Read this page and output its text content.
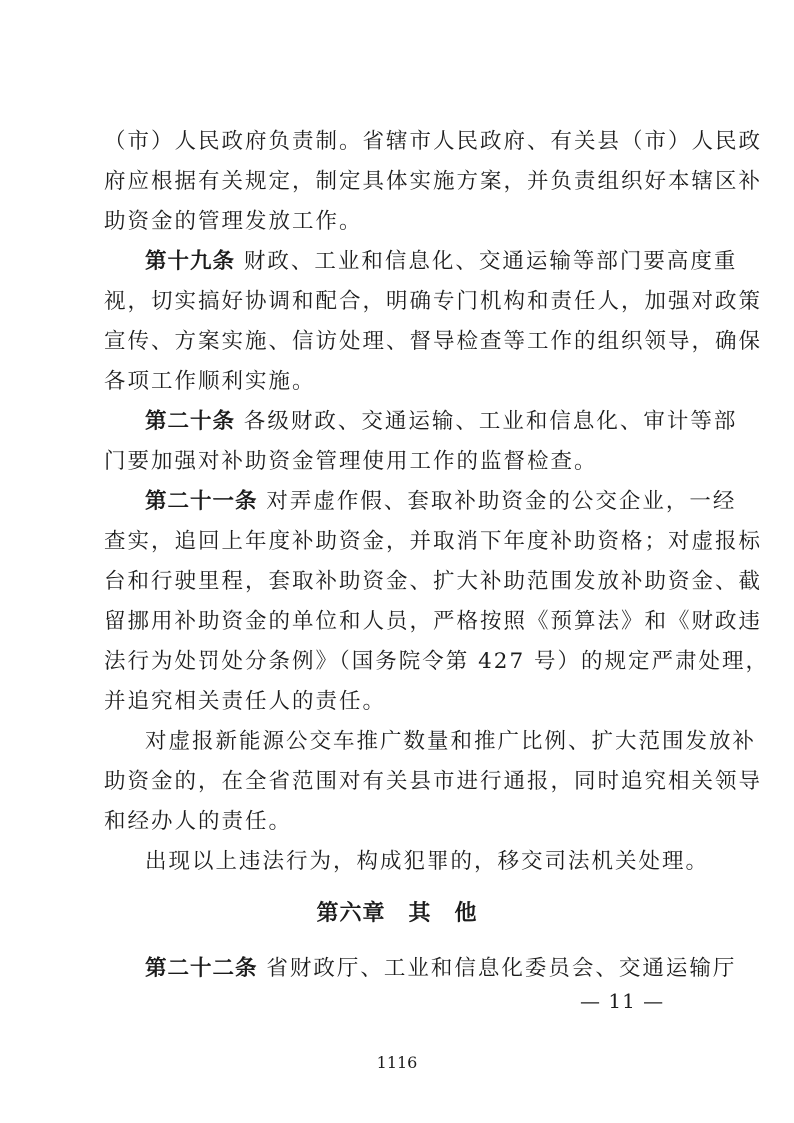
（市）人民政府负责制。省辖市人民政府、有关县（市）人民政
府应根据有关规定，制定具体实施方案，并负责组织好本辖区补
助资金的管理发放工作。
第十九条 财政、工业和信息化、交通运输等部门要高度重
视，切实搞好协调和配合，明确专门机构和责任人，加强对政策
宣传、方案实施、信访处理、督导检查等工作的组织领导，确保
各项工作顺利实施。
第二十条 各级财政、交通运输、工业和信息化、审计等部
门要加强对补助资金管理使用工作的监督检查。
第二十一条 对弄虚作假、套取补助资金的公交企业，一经
查实，追回上年度补助资金，并取消下年度补助资格；对虚报标
台和行驶里程，套取补助资金、扩大补助范围发放补助资金、截
留挪用补助资金的单位和人员，严格按照《预算法》和《财政违
法行为处罚处分条例》（国务院令第 427 号）的规定严肃处理，
并追究相关责任人的责任。
对虚报新能源公交车推广数量和推广比例、扩大范围发放补
助资金的，在全省范围对有关县市进行通报，同时追究相关领导
和经办人的责任。
出现以上违法行为，构成犯罪的，移交司法机关处理。
第六章　其　他
第二十二条 省财政厅、工业和信息化委员会、交通运输厅
— 11 —
1116
